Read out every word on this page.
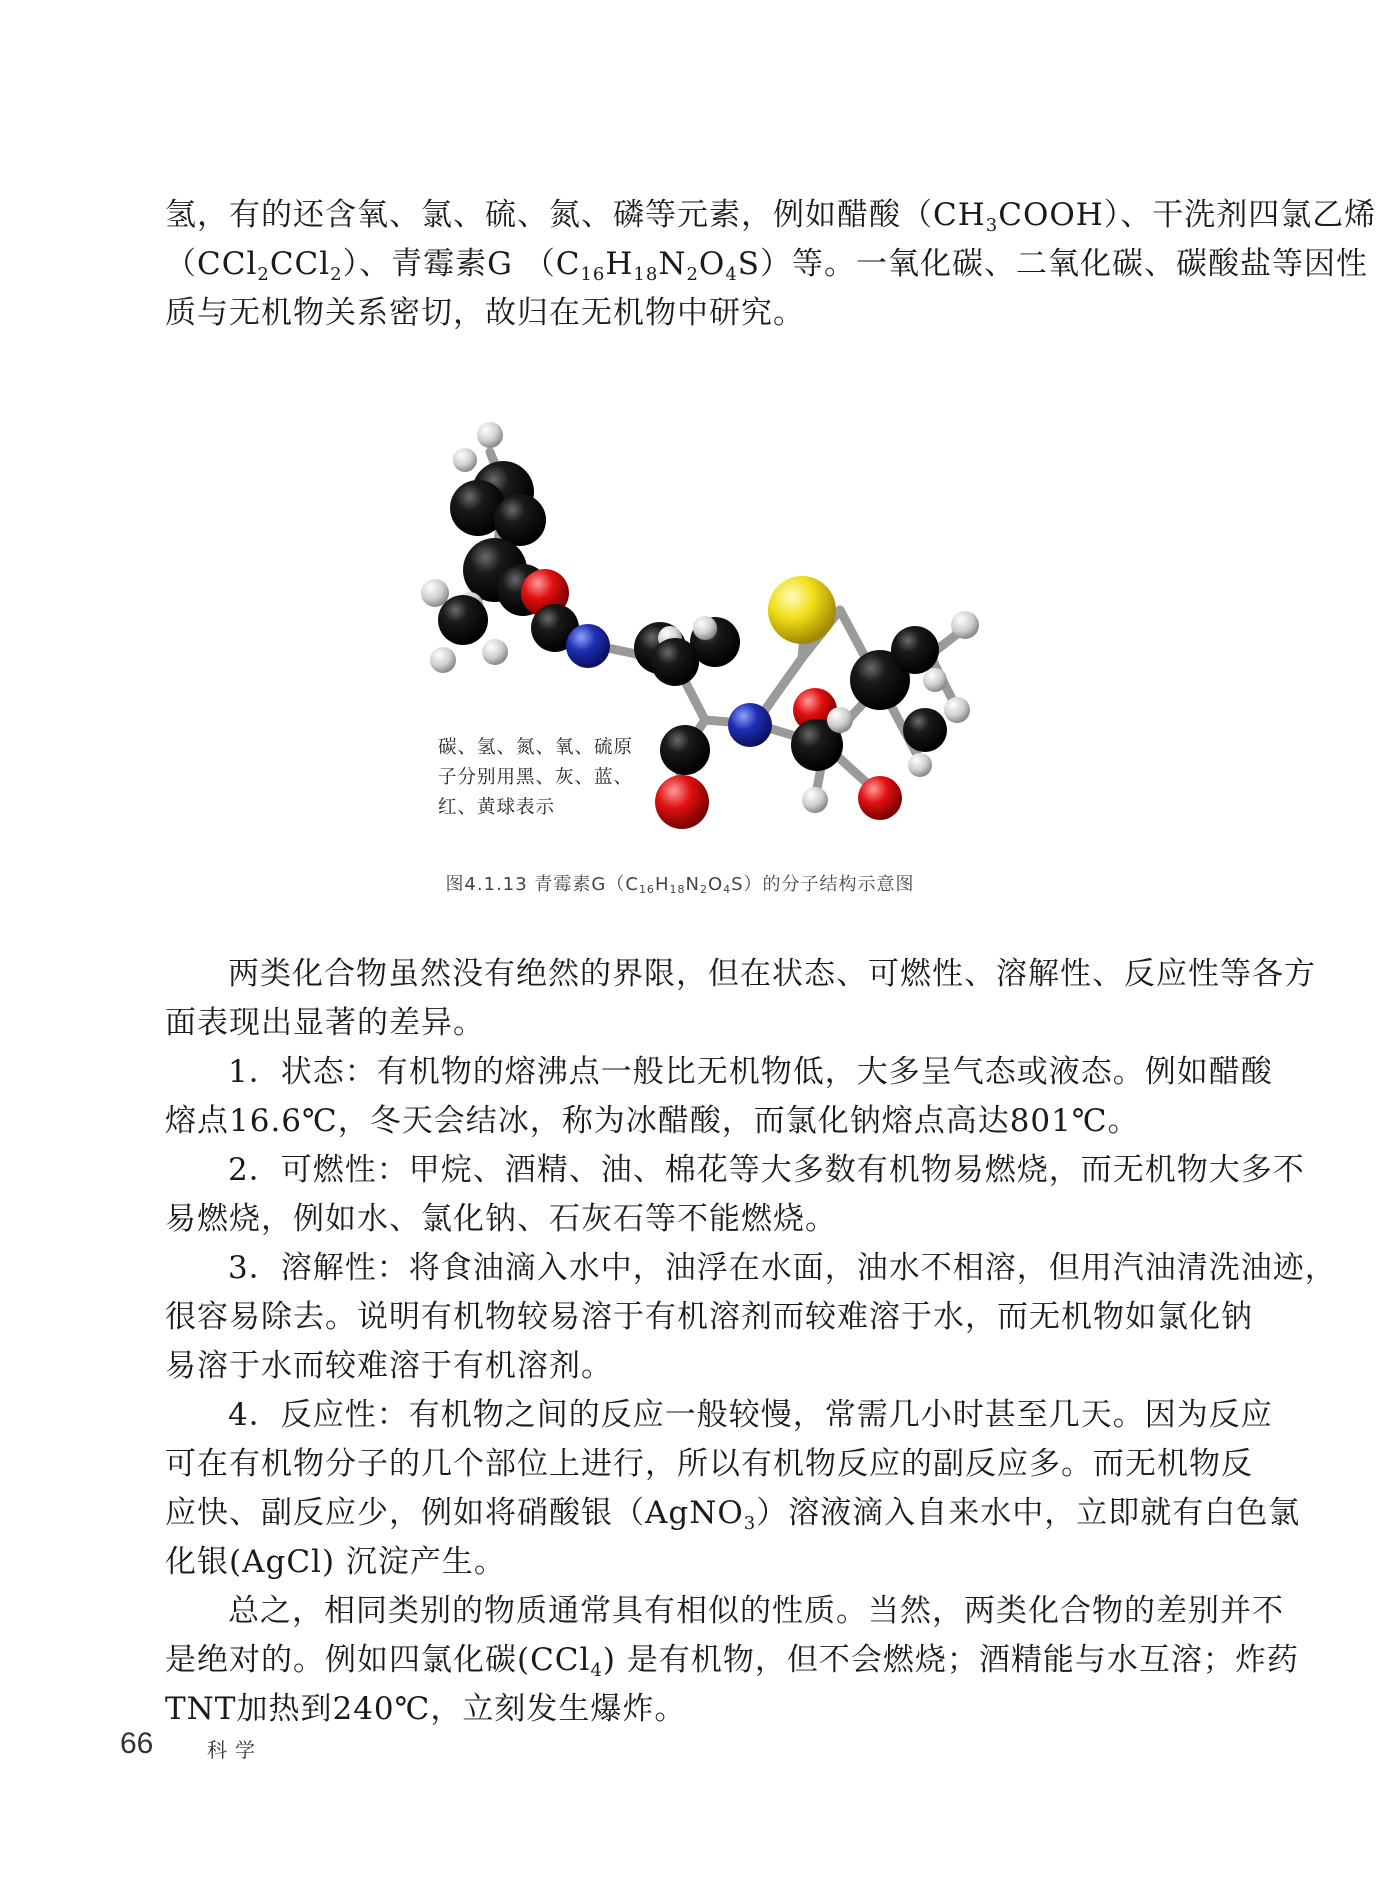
氢，有的还含氧、氯、硫、氮、磷等元素，例如醋酸$(CH_3COOH)$、干洗剂四氯乙烯
（CCl$_2$CCl$_2$）、青霉素G $(C_{16}H_{18}N_2O_4S)$等。一氧化碳、二氧化碳、碳酸盐等因性
质与无机物关系密切，故归在无机物中研究。
碳、氢、氮、氧、硫原
子分别用黑、灰、蓝、
红、黄球表示
图4.1.13 青霉素$G(C_{16}H_{18}N_2O_4S)$的分子结构示意图
两类化合物虽然没有绝然的界限，但在状态、可燃性、溶解性、反应性等各方
面表现出显著的差异。
1．状态：有机物的熔沸点一般比无机物低，大多呈气态或液态。例如醋酸
熔点16.6℃，冬天会结冰，称为冰醋酸，而氯化钠熔点高达801℃。
2．可燃性：甲烷、酒精、油、棉花等大多数有机物易燃烧，而无机物大多不
易燃烧，例如水、氯化钠、石灰石等不能燃烧。
3．溶解性：将食油滴入水中，油浮在水面，油水不相溶，但用汽油清洗油迹，
很容易除去。说明有机物较易溶于有机溶剂而较难溶于水，而无机物如氯化钠
易溶于水而较难溶于有机溶剂。
4．反应性：有机物之间的反应一般较慢，常需几小时甚至几天。因为反应
可在有机物分子的几个部位上进行，所以有机物反应的副反应多。而无机物反
应快、副反应少，例如将硝酸银（AgNO$_3$）溶液滴入自来水中，立即就有白色氯
化银(AgCl) 沉淀产生。
总之，相同类别的物质通常具有相似的性质。当然，两类化合物的差别并不
是绝对的。例如四氯化碳(CCl$_4$) 是有机物，但不会燃烧；酒精能与水互溶；炸药
TNT加热到240℃，立刻发生爆炸。
66	科学
